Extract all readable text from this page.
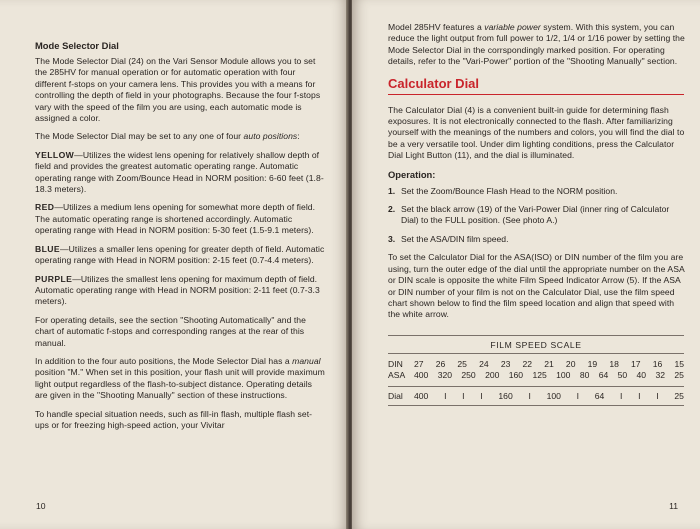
Mode Selector Dial

The Mode Selector Dial (24) on the Vari Sensor Module allows you to set the 285HV for manual operation or for automatic operation with four different f-stops on your camera lens. This provides you with a means for controlling the depth of field in your photographs. Because the four f-stops vary with the speed of the film you are using, each automatic mode is assigned a color.

The Mode Selector Dial may be set to any one of four auto positions:

YELLOW—Utilizes the widest lens opening for relatively shallow depth of field and provides the greatest automatic operating range. Automatic operating range with Zoom/Bounce Head in NORM position: 6-60 feet (1.8-18.3 meters).

RED—Utilizes a medium lens opening for somewhat more depth of field. The automatic operating range is shortened accordingly. Automatic operating range with Head in NORM position: 5-30 feet (1.5-9.1 meters).

BLUE—Utilizes a smaller lens opening for greater depth of field. Automatic operating range with Head in NORM position: 2-15 feet (0.7-4.4 meters).

PURPLE—Utilizes the smallest lens opening for maximum depth of field. Automatic operating range with Head in NORM position: 2-11 feet (0.7-3.3 meters).

For operating details, see the section "Shooting Automatically" and the chart of automatic f-stops and corresponding ranges at the rear of this manual.

In addition to the four auto positions, the Mode Selector Dial has a manual position "M." When set in this position, your flash unit will provide maximum light output regardless of the flash-to-subject distance. Operating details are given in the "Shooting Manually" section of these instructions.

To handle special situation needs, such as fill-in flash, multiple flash set-ups or for freezing high-speed action, your Vivitar

10

Model 285HV features a variable power system. With this system, you can reduce the light output from full power to 1/2, 1/4 or 1/16 power by setting the Mode Selector Dial in the corrspondingly marked position. For operating details, refer to the "Vari-Power" portion of the "Shooting Manually" section.

Calculator Dial

The Calculator Dial (4) is a convenient built-in guide for determining flash exposures. It is not electronically connected to the flash. After familiarizing yourself with the meanings of the numbers and colors, you will find the dial to be a very versatile tool. Under dim lighting conditions, press the Calculator Dial Light Button (11), and the dial is illuminated.

Operation:
1. Set the Zoom/Bounce Flash Head to the NORM position.
2. Set the black arrow (19) of the Vari-Power Dial (inner ring of Calculator Dial) to the FULL position. (See photo A.)
3. Set the ASA/DIN film speed.

To set the Calculator Dial for the ASA(ISO) or DIN number of the film you are using, turn the outer edge of the dial until the appropriate number on the ASA or DIN scale is opposite the white Film Speed Indicator Arrow (5). If the ASA or DIN number of your film is not on the Calculator Dial, use the film speed chart shown below to find the film speed location and align that speed with the white arrow.

FILM SPEED SCALE
DIN	27 26 25 24 23 22 21 20 19 18 17 16 15
ASA	400 320 250 200 160 125 100 80 64 50 40 32 25
Dial	400 I I I 160 I 100 I 64 I I I 25
11
